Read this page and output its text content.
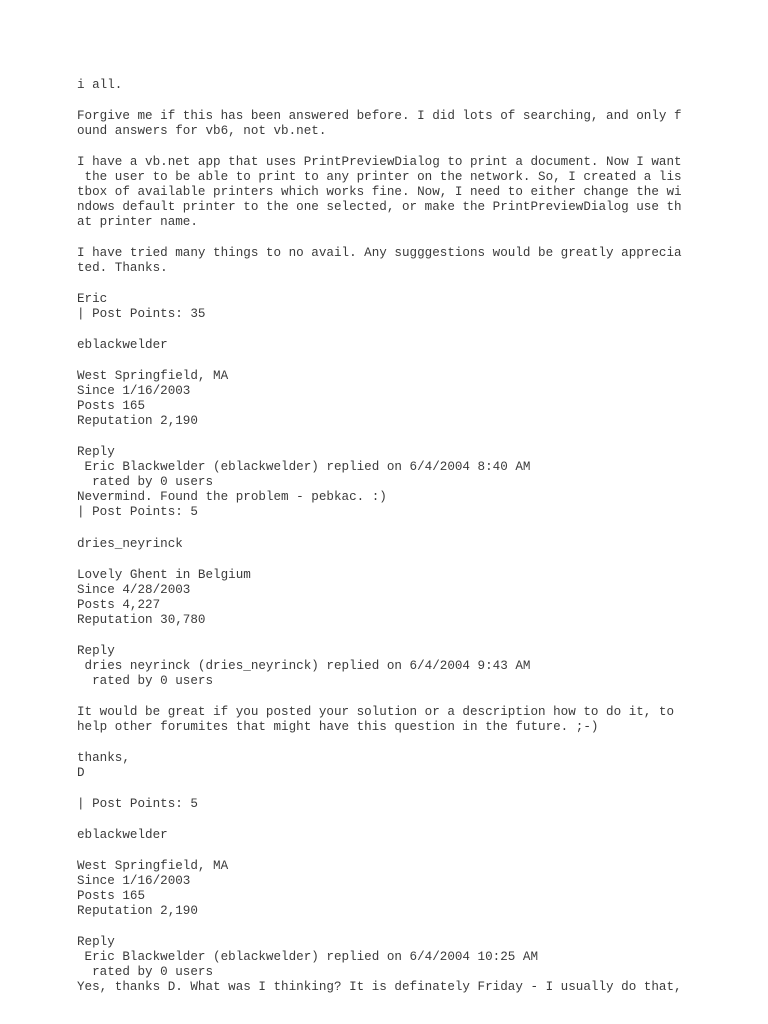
i all.
Forgive me if this has been answered before. I did lots of searching, and only f
ound answers for vb6, not vb.net.
I have a vb.net app that uses PrintPreviewDialog to print a document. Now I want
the user to be able to print to any printer on the network. So, I created a lis
tbox of available printers which works fine. Now, I need to either change the wi
ndows default printer to the one selected, or make the PrintPreviewDialog use th
at printer name.
I have tried many things to no avail. Any sugggestions would be greatly apprecia
ted. Thanks.
Eric
| Post Points: 35
eblackwelder
West Springfield, MA
Since 1/16/2003
Posts 165
Reputation 2,190
Reply
Eric Blackwelder (eblackwelder) replied on 6/4/2004 8:40 AM
rated by 0 users
Nevermind. Found the problem - pebkac. :)
| Post Points: 5
dries_neyrinck
Lovely Ghent in Belgium
Since 4/28/2003
Posts 4,227
Reputation 30,780
Reply
dries neyrinck (dries_neyrinck) replied on 6/4/2004 9:43 AM
rated by 0 users
It would be great if you posted your solution or a description how to do it, to
help other forumites that might have this question in the future. ;-)
thanks,
D
| Post Points: 5
eblackwelder
West Springfield, MA
Since 1/16/2003
Posts 165
Reputation 2,190
Reply
Eric Blackwelder (eblackwelder) replied on 6/4/2004 10:25 AM
rated by 0 users
Yes, thanks D. What was I thinking? It is definately Friday - I usually do that,
